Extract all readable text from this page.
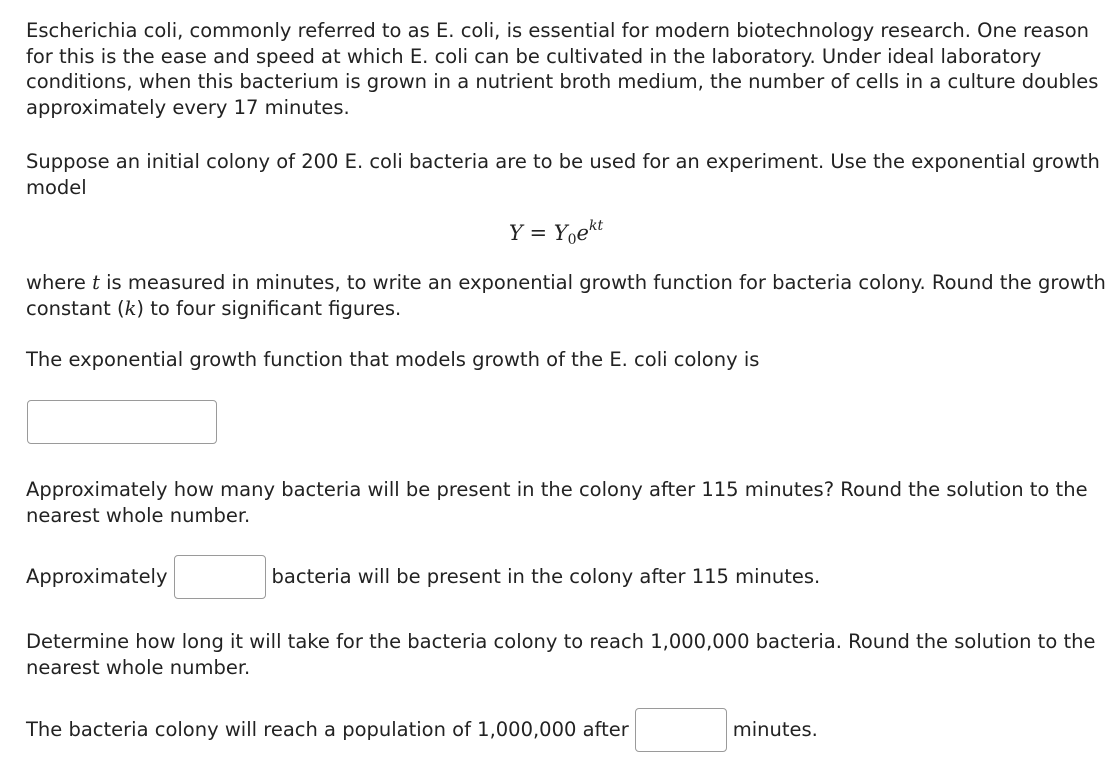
Escherichia coli, commonly referred to as E. coli, is essential for modern biotechnology research. One reason for this is the ease and speed at which E. coli can be cultivated in the laboratory. Under ideal laboratory conditions, when this bacterium is grown in a nutrient broth medium, the number of cells in a culture doubles approximately every 17 minutes.

Suppose an initial colony of 200 E. coli bacteria are to be used for an experiment. Use the exponential growth model

$Y = Y_0e^{kt}$

where t is measured in minutes, to write an exponential growth function for bacteria colony. Round the growth constant (k) to four significant figures.

The exponential growth function that models growth of the E. coli colony is

Approximately how many bacteria will be present in the colony after 115 minutes? Round the solution to the nearest whole number.

Approximately	bacteria will be present in the colony after 115 minutes.

Determine how long it will take for the bacteria colony to reach 1,000,000 bacteria. Round the solution to the nearest whole number.

The bacteria colony will reach a population of 1,000,000 after	minutes.
